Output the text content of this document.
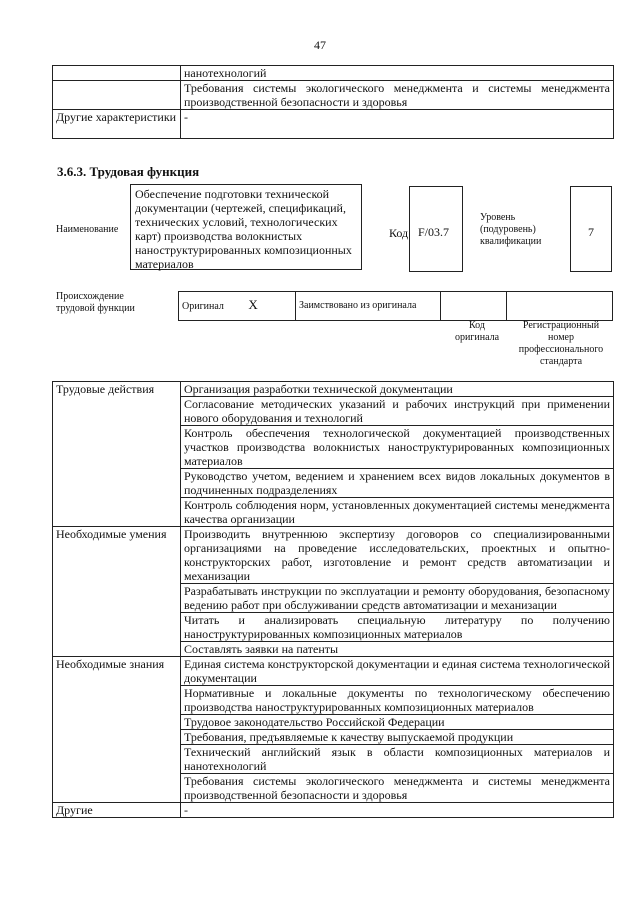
47
	нанотехнологий
	Требования системы экологического менеджмента и системы менеджмента производственной безопасности и здоровья
Другие характеристики	-
3.6.3. Трудовая функция
Наименование
Обеспечение подготовки технической документации (чертежей, спецификаций, технических условий, технологических карт) производства волокнистых наноструктурированных композиционных материалов
Код F/03.7
Уровень (подуровень) квалификации
7
Происхождение трудовой функции	Оригинал X	Заимствовано из оригинала		
Код оригинала
Регистрационный номер профессионального стандарта
Трудовые действия	Организация разработки технической документации
	Согласование методических указаний и рабочих инструкций при применении нового оборудования и технологий
	Контроль обеспечения технологической документацией производственных участков производства волокнистых наноструктурированных композиционных материалов
	Руководство учетом, ведением и хранением всех видов локальных документов в подчиненных подразделениях
	Контроль соблюдения норм, установленных документацией системы менеджмента качества организации
Необходимые умения	Производить внутреннюю экспертизу договоров со специализированными организациями на проведение исследовательских, проектных и опытно-конструкторских работ, изготовление и ремонт средств автоматизации и механизации
	Разрабатывать инструкции по эксплуатации и ремонту оборудования, безопасному ведению работ при обслуживании средств автоматизации и механизации
	Читать и анализировать специальную литературу по получению наноструктурированных композиционных материалов
	Составлять заявки на патенты
Необходимые знания	Единая система конструкторской документации и единая система технологической документации
	Нормативные и локальные документы по технологическому обеспечению производства наноструктурированных композиционных материалов
	Трудовое законодательство Российской Федерации
	Требования, предъявляемые к качеству выпускаемой продукции
	Технический английский язык в области композиционных материалов и нанотехнологий
	Требования системы экологического менеджмента и системы менеджмента производственной безопасности и здоровья
Другие	-
